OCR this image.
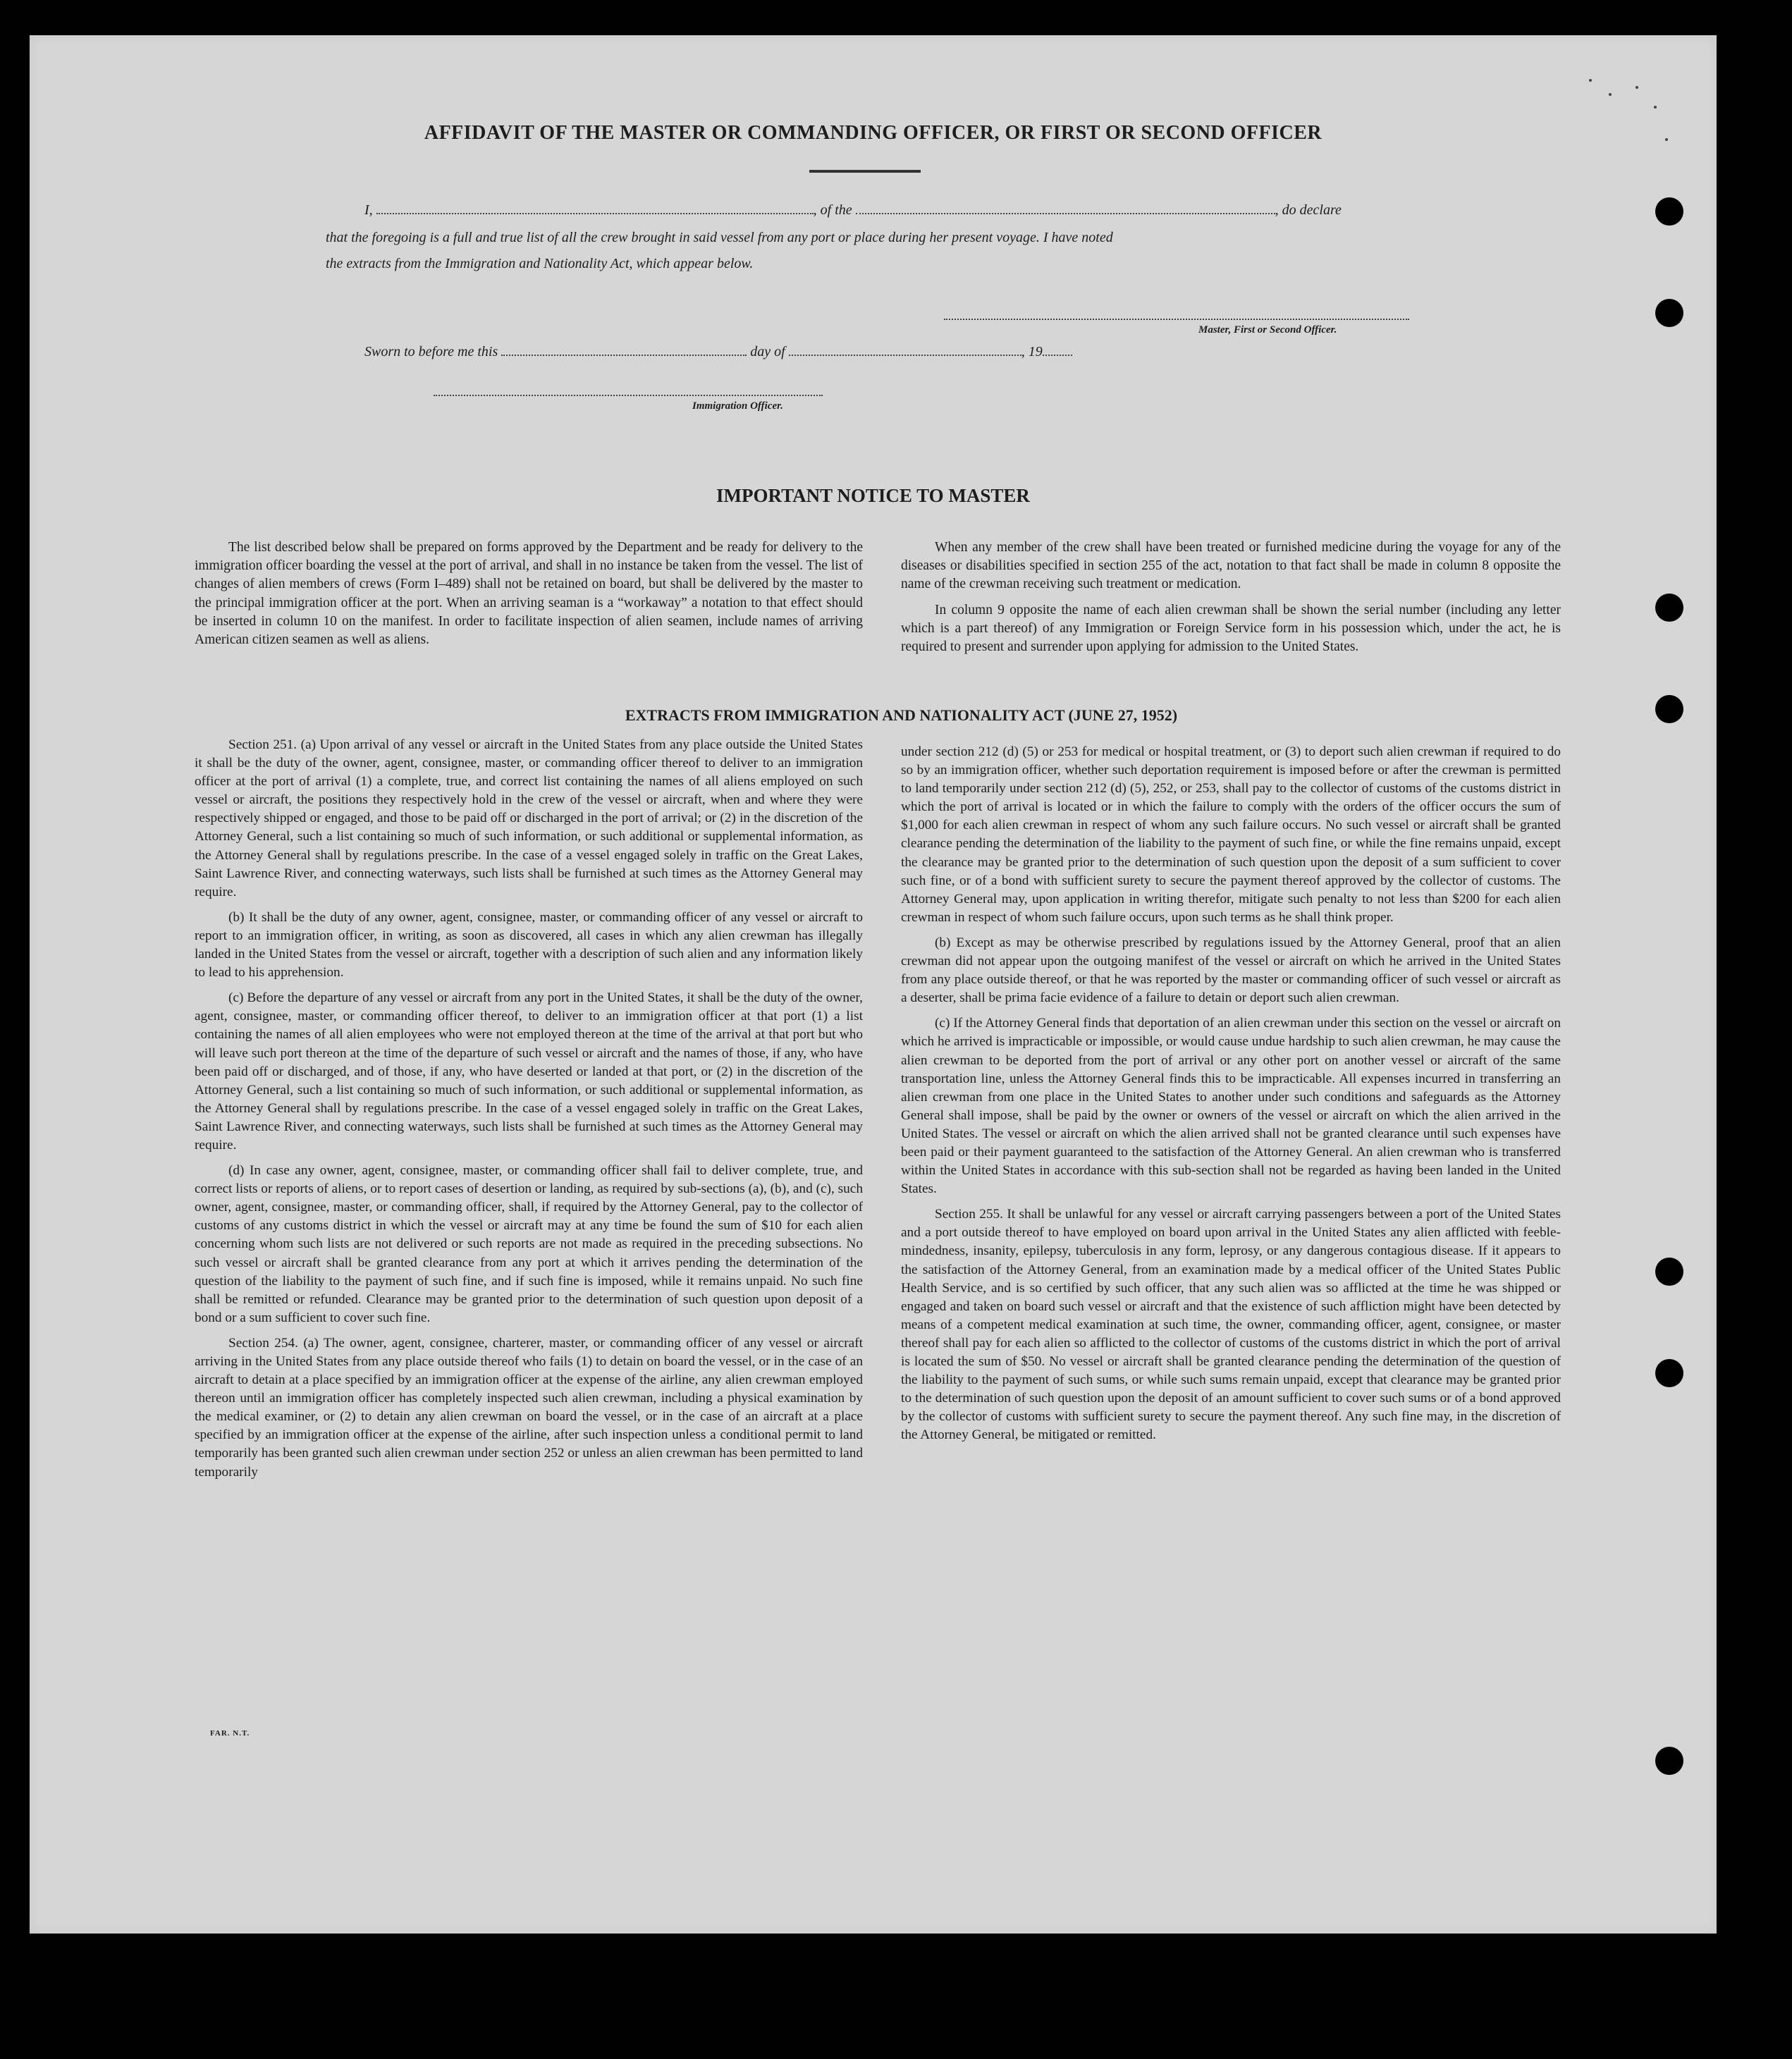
AFFIDAVIT OF THE MASTER OR COMMANDING OFFICER, OR FIRST OR SECOND OFFICER
I,	, of the	, do declare
that the foregoing is a full and true list of all the crew brought in said vessel from any port or place during her present voyage. I have noted
the extracts from the Immigration and Nationality Act, which appear below.
Master, First or Second Officer.
Sworn to before me this	day of	, 19
Immigration Officer.
IMPORTANT NOTICE TO MASTER

The list described below shall be prepared on forms approved by the Department and be ready for delivery to the immigration officer boarding the vessel at the port of arrival, and shall in no instance be taken from the vessel. The list of changes of alien members of crews (Form I–489) shall not be retained on board, but shall be delivered by the master to the principal immigration officer at the port. When an arriving seaman is a “workaway” a notation to that effect should be inserted in column 10 on the manifest. In order to facilitate inspection of alien seamen, include names of arriving American citizen seamen as well as aliens.

When any member of the crew shall have been treated or furnished medicine during the voyage for any of the diseases or disabilities specified in section 255 of the act, notation to that fact shall be made in column 8 opposite the name of the crewman receiving such treatment or medication.

In column 9 opposite the name of each alien crewman shall be shown the serial number (including any letter which is a part thereof) of any Immigration or Foreign Service form in his possession which, under the act, he is required to present and surrender upon applying for admission to the United States.

EXTRACTS FROM IMMIGRATION AND NATIONALITY ACT (JUNE 27, 1952)

Section 251. (a) Upon arrival of any vessel or aircraft in the United States from any place outside the United States it shall be the duty of the owner, agent, consignee, master, or commanding officer thereof to deliver to an immigration officer at the port of arrival (1) a complete, true, and correct list containing the names of all aliens employed on such vessel or aircraft, the positions they respectively hold in the crew of the vessel or aircraft, when and where they were respectively shipped or engaged, and those to be paid off or discharged in the port of arrival; or (2) in the discretion of the Attorney General, such a list containing so much of such information, or such additional or supplemental information, as the Attorney General shall by regulations prescribe. In the case of a vessel engaged solely in traffic on the Great Lakes, Saint Lawrence River, and connecting waterways, such lists shall be furnished at such times as the Attorney General may require.

(b) It shall be the duty of any owner, agent, consignee, master, or commanding officer of any vessel or aircraft to report to an immigration officer, in writing, as soon as discovered, all cases in which any alien crewman has illegally landed in the United States from the vessel or aircraft, together with a description of such alien and any information likely to lead to his apprehension.

(c) Before the departure of any vessel or aircraft from any port in the United States, it shall be the duty of the owner, agent, consignee, master, or commanding officer thereof, to deliver to an immigration officer at that port (1) a list containing the names of all alien employees who were not employed thereon at the time of the arrival at that port but who will leave such port thereon at the time of the departure of such vessel or aircraft and the names of those, if any, who have been paid off or discharged, and of those, if any, who have deserted or landed at that port, or (2) in the discretion of the Attorney General, such a list containing so much of such information, or such additional or supplemental information, as the Attorney General shall by regulations prescribe. In the case of a vessel engaged solely in traffic on the Great Lakes, Saint Lawrence River, and connecting waterways, such lists shall be furnished at such times as the Attorney General may require.

(d) In case any owner, agent, consignee, master, or commanding officer shall fail to deliver complete, true, and correct lists or reports of aliens, or to report cases of desertion or landing, as required by sub-sections (a), (b), and (c), such owner, agent, consignee, master, or commanding officer, shall, if required by the Attorney General, pay to the collector of customs of any customs district in which the vessel or aircraft may at any time be found the sum of $10 for each alien concerning whom such lists are not delivered or such reports are not made as required in the preceding subsections. No such vessel or aircraft shall be granted clearance from any port at which it arrives pending the determination of the question of the liability to the payment of such fine, and if such fine is imposed, while it remains unpaid. No such fine shall be remitted or refunded. Clearance may be granted prior to the determination of such question upon deposit of a bond or a sum sufficient to cover such fine.

Section 254. (a) The owner, agent, consignee, charterer, master, or commanding officer of any vessel or aircraft arriving in the United States from any place outside thereof who fails (1) to detain on board the vessel, or in the case of an aircraft to detain at a place specified by an immigration officer at the expense of the airline, any alien crewman employed thereon until an immigration officer has completely inspected such alien crewman, including a physical examination by the medical examiner, or (2) to detain any alien crewman on board the vessel, or in the case of an aircraft at a place specified by an immigration officer at the expense of the airline, after such inspection unless a conditional permit to land temporarily has been granted such alien crewman under section 252 or unless an alien crewman has been permitted to land temporarily

under section 212 (d) (5) or 253 for medical or hospital treatment, or (3) to deport such alien crewman if required to do so by an immigration officer, whether such deportation requirement is imposed before or after the crewman is permitted to land temporarily under section 212 (d) (5), 252, or 253, shall pay to the collector of customs of the customs district in which the port of arrival is located or in which the failure to comply with the orders of the officer occurs the sum of $1,000 for each alien crewman in respect of whom any such failure occurs. No such vessel or aircraft shall be granted clearance pending the determination of the liability to the payment of such fine, or while the fine remains unpaid, except the clearance may be granted prior to the determination of such question upon the deposit of a sum sufficient to cover such fine, or of a bond with sufficient surety to secure the payment thereof approved by the collector of customs. The Attorney General may, upon application in writing therefor, mitigate such penalty to not less than $200 for each alien crewman in respect of whom such failure occurs, upon such terms as he shall think proper.

(b) Except as may be otherwise prescribed by regulations issued by the Attorney General, proof that an alien crewman did not appear upon the outgoing manifest of the vessel or aircraft on which he arrived in the United States from any place outside thereof, or that he was reported by the master or commanding officer of such vessel or aircraft as a deserter, shall be prima facie evidence of a failure to detain or deport such alien crewman.

(c) If the Attorney General finds that deportation of an alien crewman under this section on the vessel or aircraft on which he arrived is impracticable or impossible, or would cause undue hardship to such alien crewman, he may cause the alien crewman to be deported from the port of arrival or any other port on another vessel or aircraft of the same transportation line, unless the Attorney General finds this to be impracticable. All expenses incurred in transferring an alien crewman from one place in the United States to another under such conditions and safeguards as the Attorney General shall impose, shall be paid by the owner or owners of the vessel or aircraft on which the alien arrived in the United States. The vessel or aircraft on which the alien arrived shall not be granted clearance until such expenses have been paid or their payment guaranteed to the satisfaction of the Attorney General. An alien crewman who is transferred within the United States in accordance with this sub-section shall not be regarded as having been landed in the United States.

Section 255. It shall be unlawful for any vessel or aircraft carrying passengers between a port of the United States and a port outside thereof to have employed on board upon arrival in the United States any alien afflicted with feeble-mindedness, insanity, epilepsy, tuberculosis in any form, leprosy, or any dangerous contagious disease. If it appears to the satisfaction of the Attorney General, from an examination made by a medical officer of the United States Public Health Service, and is so certified by such officer, that any such alien was so afflicted at the time he was shipped or engaged and taken on board such vessel or aircraft and that the existence of such affliction might have been detected by means of a competent medical examination at such time, the owner, commanding officer, agent, consignee, or master thereof shall pay for each alien so afflicted to the collector of customs of the customs district in which the port of arrival is located the sum of $50. No vessel or aircraft shall be granted clearance pending the determination of the question of the liability to the payment of such sums, or while such sums remain unpaid, except that clearance may be granted prior to the determination of such question upon the deposit of an amount sufficient to cover such sums or of a bond approved by the collector of customs with sufficient surety to secure the payment thereof. Any such fine may, in the discretion of the Attorney General, be mitigated or remitted.

FAR. N.T.
